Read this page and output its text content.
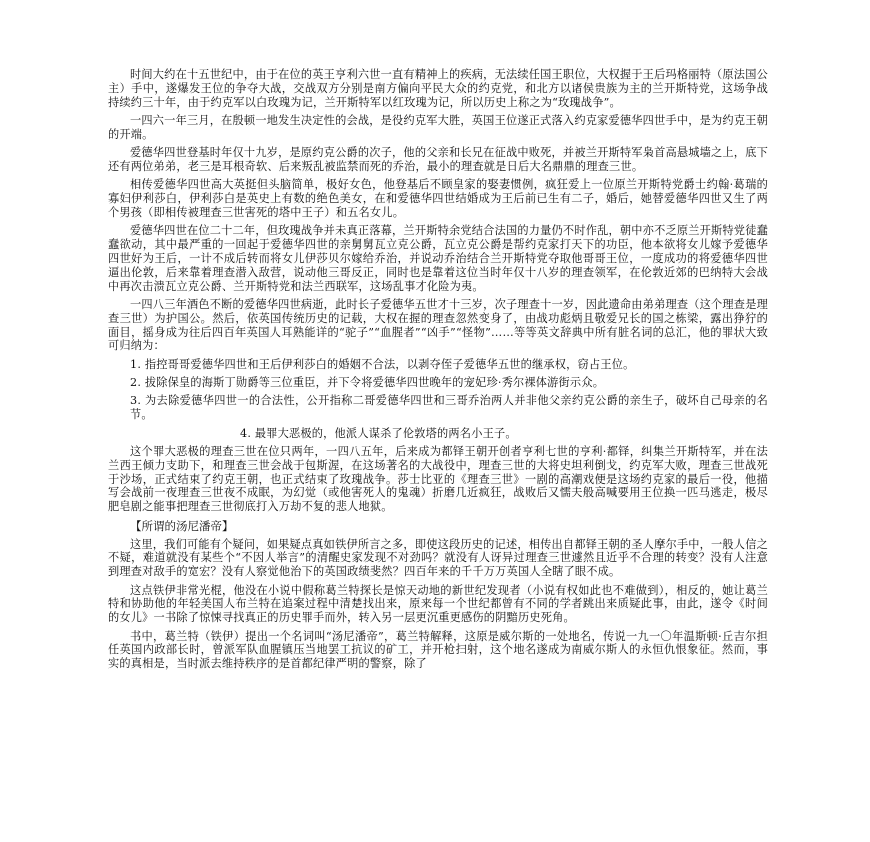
时间大约在十五世纪中，由于在位的英王亨利六世一直有精神上的疾病，无法续任国王职位，大权握于王后玛格丽特（原法国公主）手中，遂爆发王位的争夺大战，交战双方分别是南方偏向平民大众的约克党，和北方以诸侯贵族为主的兰开斯特党，这场争战持续约三十年，由于约克军以白玫瑰为记，兰开斯特军以红玫瑰为记，所以历史上称之为“玫瑰战争”。

一四六一年三月，在殷顿一地发生决定性的会战，是役约克军大胜，英国王位遂正式落入约克家爱德华四世手中，是为约克王朝的开端。

爱德华四世登基时年仅十九岁，是原约克公爵的次子，他的父亲和长兄在征战中败死，并被兰开斯特军枭首高悬城墙之上，底下还有两位弟弟，老三是耳根奇软、后来叛乱被监禁而死的乔治，最小的理查就是日后大名鼎鼎的理查三世。

相传爱德华四世高大英挺但头脑简单，极好女色，他登基后不顾皇家的娶妻惯例，疯狂爱上一位原兰开斯特党爵士约翰·葛瑞的寡妇伊利莎白，伊利莎白是英史上有数的绝色美女，在和爱德华四世结婚成为王后前已生有二子，婚后，她替爱德华四世又生了两个男孩（即相传被理查三世害死的塔中王子）和五名女儿。

爱德华四世在位二十二年，但玫瑰战争并未真正落幕，兰开斯特余党结合法国的力量仍不时作乱，朝中亦不乏原兰开斯特党徒蠢蠢欲动，其中最严重的一回起于爱德华四世的亲舅舅瓦立克公爵，瓦立克公爵是帮约克家打天下的功臣，他本欲将女儿嫁予爱德华四世好为王后，一计不成后转而将女儿伊莎贝尔嫁给乔治，并说动乔治结合兰开斯特党夺取他哥哥王位，一度成功的将爱德华四世逼出伦敦，后来靠着理查潜入敌营，说动他三哥反正，同时也是靠着这位当时年仅十八岁的理查领军，在伦敦近郊的巴纳特大会战中再次击溃瓦立克公爵、兰开斯特党和法兰西联军，这场乱事才化险为夷。

一四八三年酒色不断的爱德华四世病逝，此时长子爱德华五世才十三岁，次子理查十一岁，因此遗命由弟弟理查（这个理查是理查三世）为护国公。然后，依英国传统历史的记载，大权在握的理查忽然变身了，由战功彪炳且敬爱兄长的国之栋梁，露出狰狞的面目，摇身成为往后四百年英国人耳熟能详的“驼子”“血腥者”“凶手”“怪物”……等等英文辞典中所有脏名词的总汇，他的罪状大致可归纳为：

1. 指控哥哥爱德华四世和王后伊利莎白的婚姻不合法，以剥夺侄子爱德华五世的继承权，窃占王位。

2. 拔除保皇的海斯丁勋爵等三位重臣，并下令将爱德华四世晚年的宠妃珍·秀尔裸体游街示众。

3. 为去除爱德华四世一的合法性，公开指称二哥爱德华四世和三哥乔治两人并非他父亲约克公爵的亲生子，破坏自己母亲的名节。

4. 最罪大恶极的，他派人谋杀了伦敦塔的两名小王子。

这个罪大恶极的理查三世在位只两年，一四八五年，后来成为都铎王朝开创者亨利七世的亨利·都铎，纠集兰开斯特军，并在法兰西王倾力支助下，和理查三世会战于包斯渥，在这场著名的大战役中，理查三世的大将史坦利倒戈，约克军大败，理查三世战死于沙场，正式结束了约克王朝，也正式结束了玫瑰战争。莎士比亚的《理查三世》一剧的高潮戏便是这场约克家的最后一役，他描写会战前一夜理查三世夜不成眠，为幻觉（或他害死人的鬼魂）折磨几近疯狂，战败后又懦夫般高喊要用王位换一匹马逃走，极尽肥皂剧之能事把理查三世彻底打入万劫不复的悲人地狱。

【所谓的汤尼潘帝】

这里，我们可能有个疑问，如果疑点真如铁伊所言之多，即使这段历史的记述，相传出自都铎王朝的圣人摩尔手中，一般人信之不疑，难道就没有某些个“不因人举言”的清醒史家发现不对劲吗？就没有人讶异过理查三世遽然且近乎不合理的转变？没有人注意到理查对敌手的宽宏？没有人察觉他治下的英国政绩斐然？四百年来的千千万万英国人全瞎了眼不成。

这点铁伊非常光棍，他没在小说中假称葛兰特探长是惊天动地的新世纪发现者（小说有权如此也不难做到），相反的，她让葛兰特和协助他的年轻美国人布兰特在追案过程中清楚找出来，原来每一个世纪都曾有不同的学者跳出来质疑此事，由此，遂令《时间的女儿》一书除了惊悚寻找真正的历史罪手而外，转入另一层更沉重更感伤的阴黯历史死角。

书中，葛兰特（铁伊）提出一个名词叫“汤尼潘帝”，葛兰特解释，这原是威尔斯的一处地名，传说一九一〇年温斯顿·丘吉尔担任英国内政部长时，曾派军队血腥镇压当地罢工抗议的矿工，并开枪扫射，这个地名遂成为南威尔斯人的永恒仇恨象征。然而，事实的真相是，当时派去维持秩序的是首都纪律严明的警察，除了
